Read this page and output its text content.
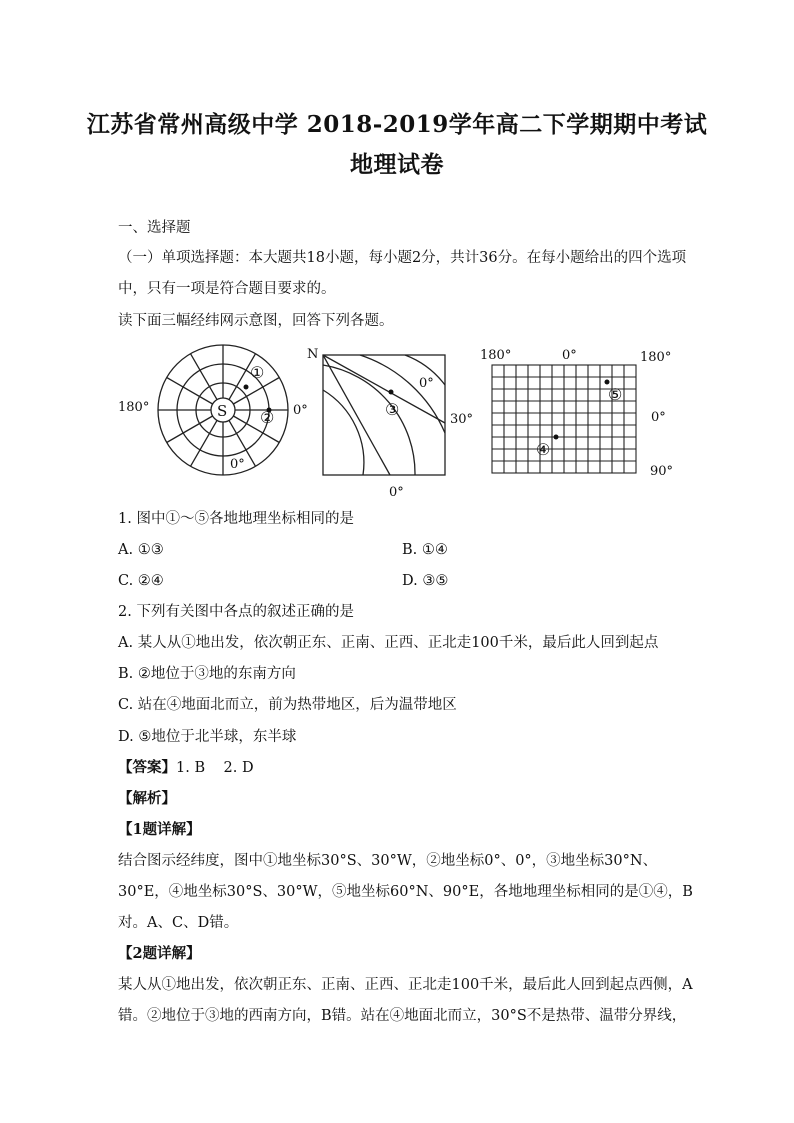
江苏省常州高级中学 2018-2019学年高二下学期期中考试
地理试卷
一、选择题
（一）单项选择题：本大题共18小题，每小题2分，共计36分。在每小题给出的四个选项
中，只有一项是符合题目要求的。
读下面三幅经纬网示意图，回答下列各题。
S
①
②
0°
0°
180°	③
0°
0°
N
30°
⑤
④
180°	0°	180°
0°
90°
1. 图中①～⑤各地地理坐标相同的是
A. ①③	B. ①④
C. ②④	D. ③⑤
2. 下列有关图中各点的叙述正确的是
A. 某人从①地出发，依次朝正东、正南、正西、正北走100千米，最后此人回到起点
B. ②地位于③地的东南方向
C. 站在④地面北而立，前为热带地区，后为温带地区
D. ⑤地位于北半球，东半球
【答案】1. B    2. D
【解析】
【1题详解】
结合图示经纬度，图中①地坐标30°S、30°W，②地坐标0°、0°，③地坐标30°N、
30°E，④地坐标30°S、30°W，⑤地坐标60°N、90°E，各地地理坐标相同的是①④，B
对。A、C、D错。
【2题详解】
某人从①地出发，依次朝正东、正南、正西、正北走100千米，最后此人回到起点西侧，A
错。②地位于③地的西南方向，B错。站在④地面北而立，30°S不是热带、温带分界线，
